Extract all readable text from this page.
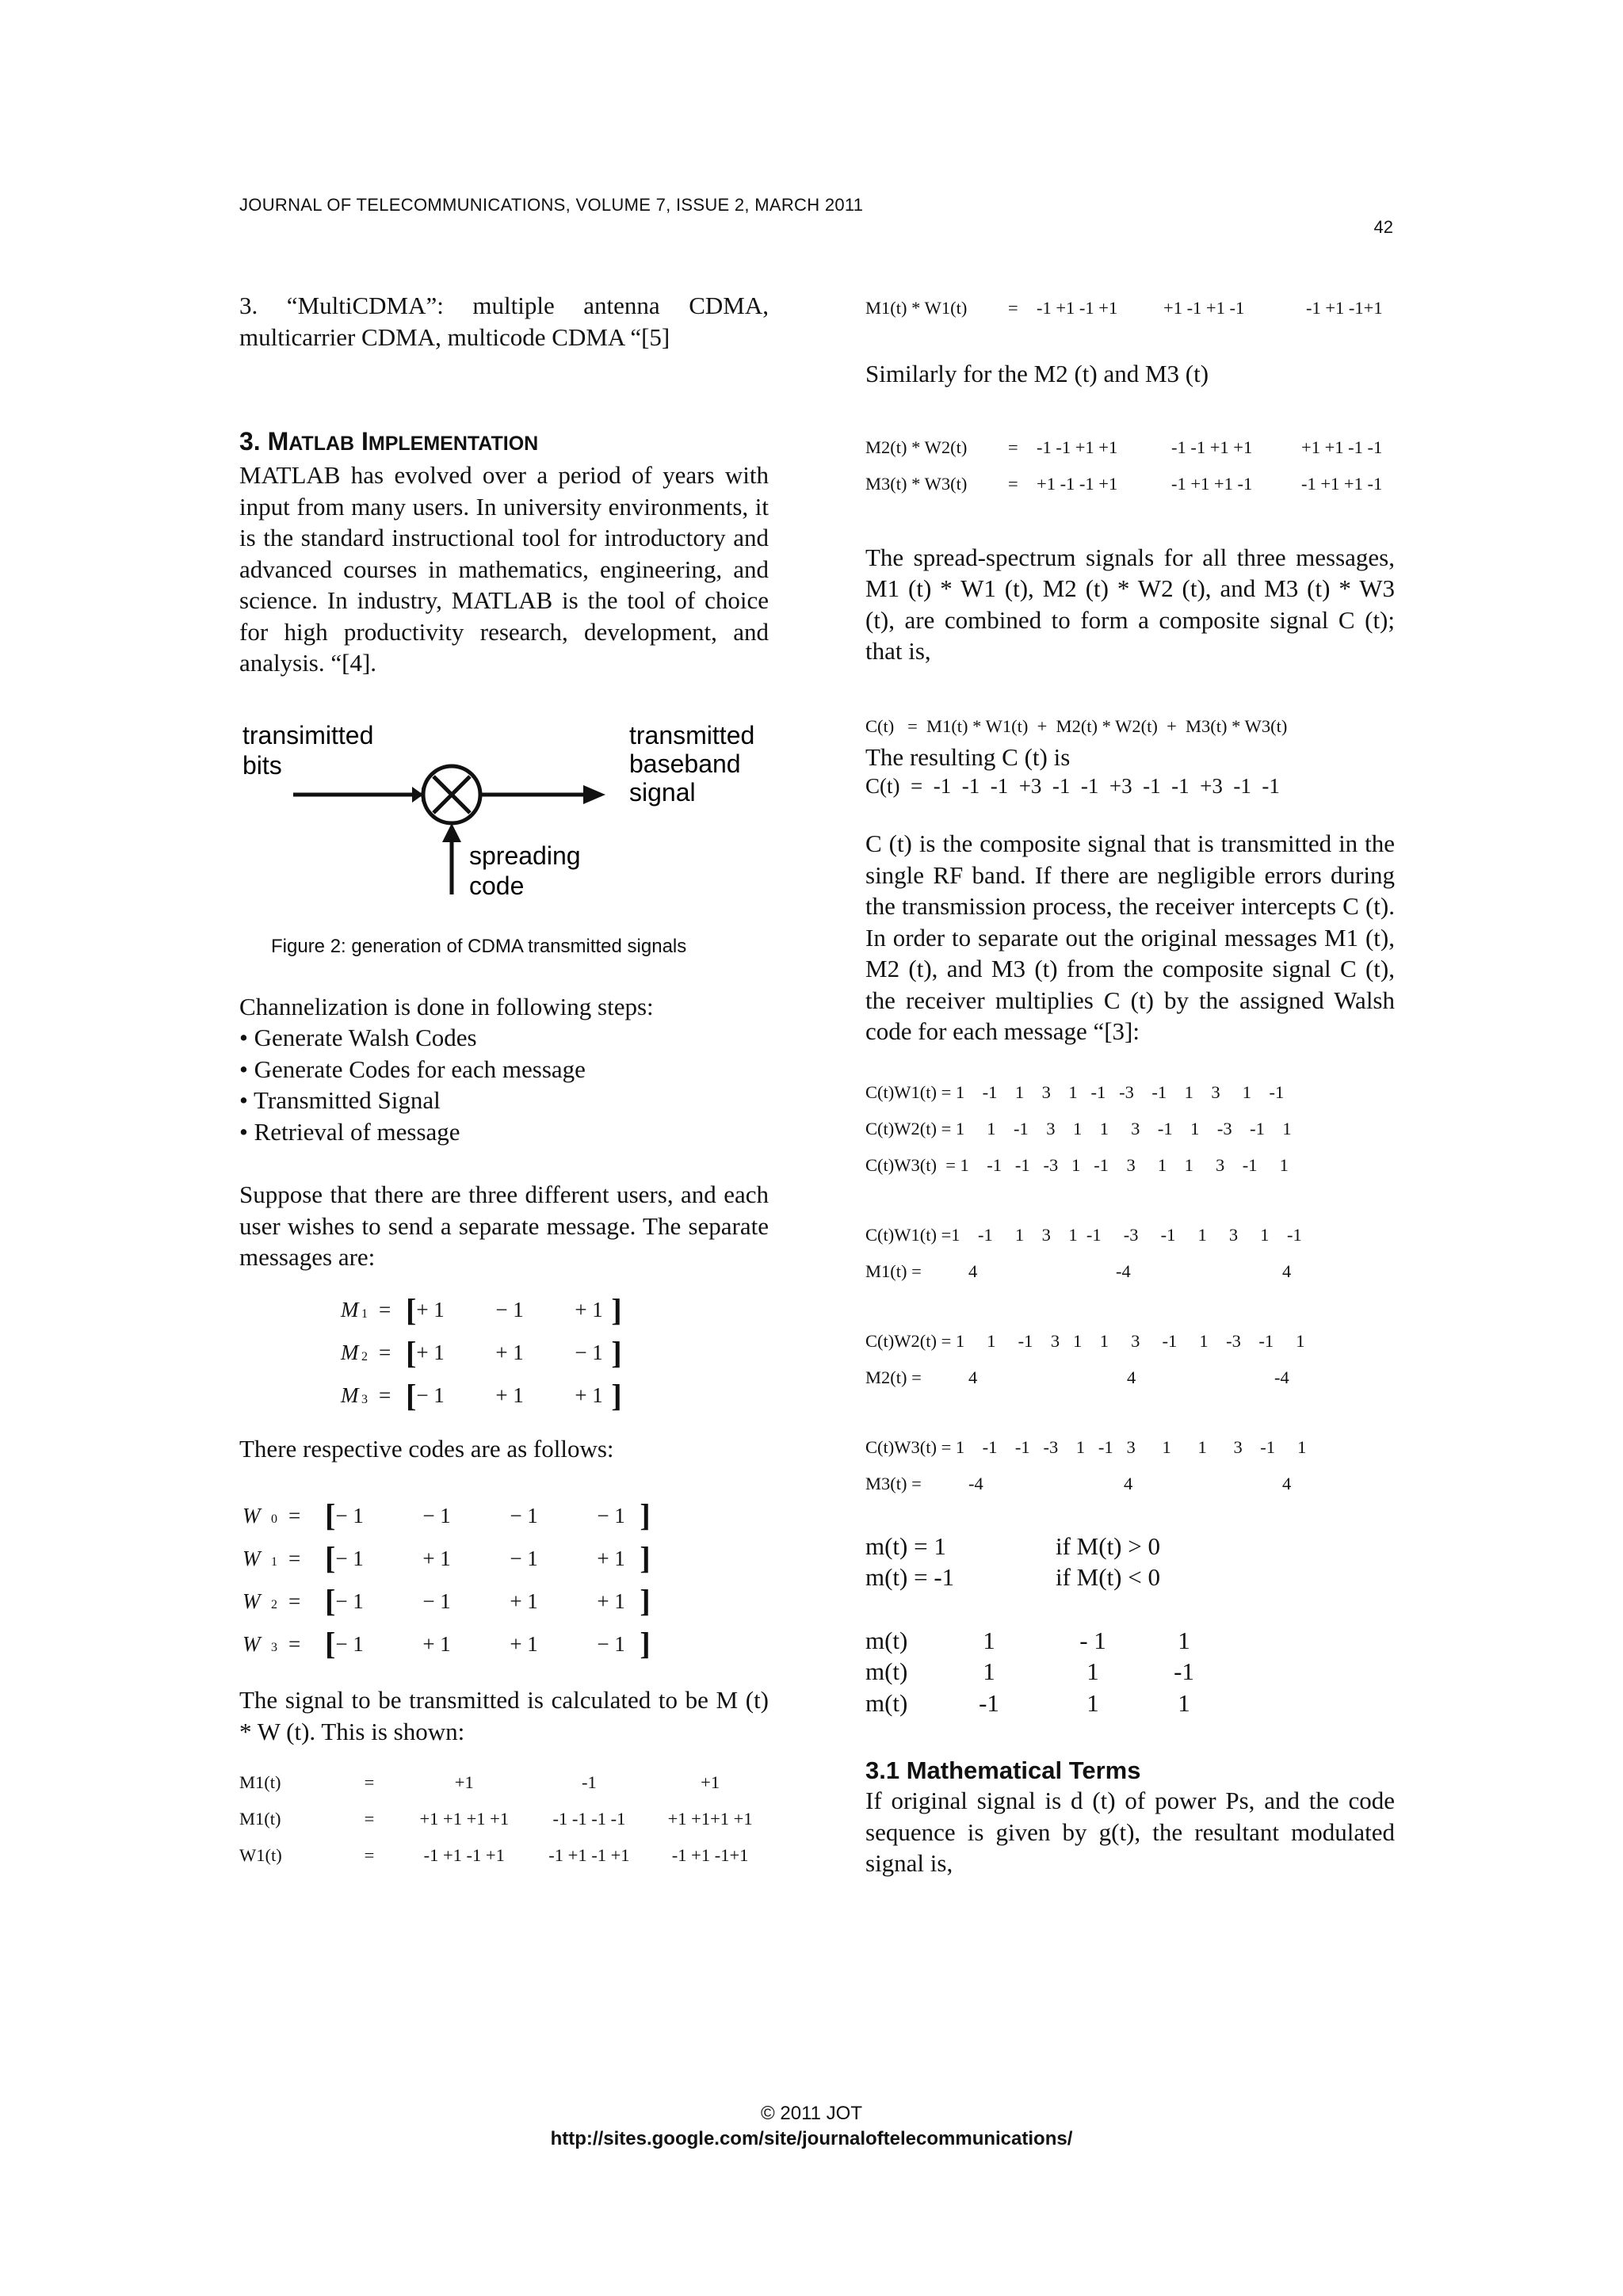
JOURNAL OF TELECOMMUNICATIONS, VOLUME 7, ISSUE 2, MARCH 2011
42

3. “MultiCDMA”: multiple antenna CDMA, multicarrier CDMA, multicode CDMA “[5]

3. MATLAB IMPLEMENTATION

MATLAB has evolved over a period of years with input from many users. In university environments, it is the standard instructional tool for introductory and advanced courses in mathematics, engineering, and science. In industry, MATLAB is the tool of choice for high productivity research, development, and analysis. “[4].

transimitted
bits
transmitted
baseband
signal
spreading
code
Figure 2: generation of CDMA transmitted signals

Channelization is done in following steps:

• Generate Walsh Codes

• Generate Codes for each message

• Transmitted Signal

• Retrieval of message

Suppose that there are three different users, and each user wishes to send a separate message. The separate messages are:

M 1 = [ + 1	− 1	+ 1 ]
M 2 = [ + 1	+ 1	− 1 ]
M 3 = [ − 1	+ 1	+ 1 ]

There respective codes are as follows:

W 0 = [ − 1	− 1	− 1	− 1 ]
W 1 = [ − 1	+ 1	− 1	+ 1 ]
W 2 = [ − 1	− 1	+ 1	+ 1 ]
W 3 = [ − 1	+ 1	+ 1	− 1 ]

The signal to be transmitted is calculated to be M (t) * W (t). This is shown:

M1(t)	=	+1	-1	+1
M1(t)	=	+1 +1 +1 +1	-1 -1 -1 -1	+1 +1+1 +1
W1(t)	=	-1 +1 -1 +1	-1 +1 -1 +1	-1 +1 -1+1
M1(t) * W1(t)	=	-1 +1 -1 +1	+1 -1 +1 -1	-1 +1 -1+1

Similarly for the M2 (t) and M3 (t)

M2(t) * W2(t)	=	-1 -1 +1 +1	-1 -1 +1 +1	+1 +1 -1 -1
M3(t) * W3(t)	=	+1 -1 -1 +1	-1 +1 +1 -1	-1 +1 +1 -1

The spread-spectrum signals for all three messages, M1 (t) * W1 (t), M2 (t) * W2 (t), and M3 (t) * W3 (t), are combined to form a composite signal C (t); that is,

C(t)   =  M1(t) * W1(t)  +  M2(t) * W2(t)  +  M3(t) * W3(t)

The resulting C (t) is

C(t)  =  -1  -1  -1  +3  -1  -1  +3  -1  -1  +3  -1  -1

C (t) is the composite signal that is transmitted in the single RF band. If there are negligible errors during the transmission process, the receiver intercepts C (t). In order to separate out the original messages M1 (t), M2 (t), and M3 (t) from the composite signal C (t), the receiver multiplies C (t) by the assigned Walsh code for each message “[3]:

C(t)W1(t) = 1    -1    1    3    1   -1   -3    -1    1    3     1    -1
C(t)W2(t) = 1     1    -1    3    1    1     3    -1    1    -3    -1    1
C(t)W3(t)  = 1    -1   -1   -3   1   -1    3     1    1     3    -1     1
C(t)W1(t) =1    -1     1    3    1  -1     -3     -1     1     3     1    -1
M1(t) =	4	-4	4
C(t)W2(t) = 1     1     -1    3   1    1     3     -1     1    -3    -1     1
M2(t) =	4	4	-4
C(t)W3(t) = 1    -1    -1   -3    1   -1   3      1      1      3    -1     1
M3(t) =	-4	4	4
m(t) = 1	if M(t) > 0
m(t) = -1	if M(t) < 0
m(t)	1	- 1	1
m(t)	1	1	-1
m(t)	-1	1	1

3.1 Mathematical Terms

If original signal is d (t) of power Ps, and the code sequence is given by g(t), the resultant modulated signal is,

© 2011 JOT
http://sites.google.com/site/journaloftelecommunications/
